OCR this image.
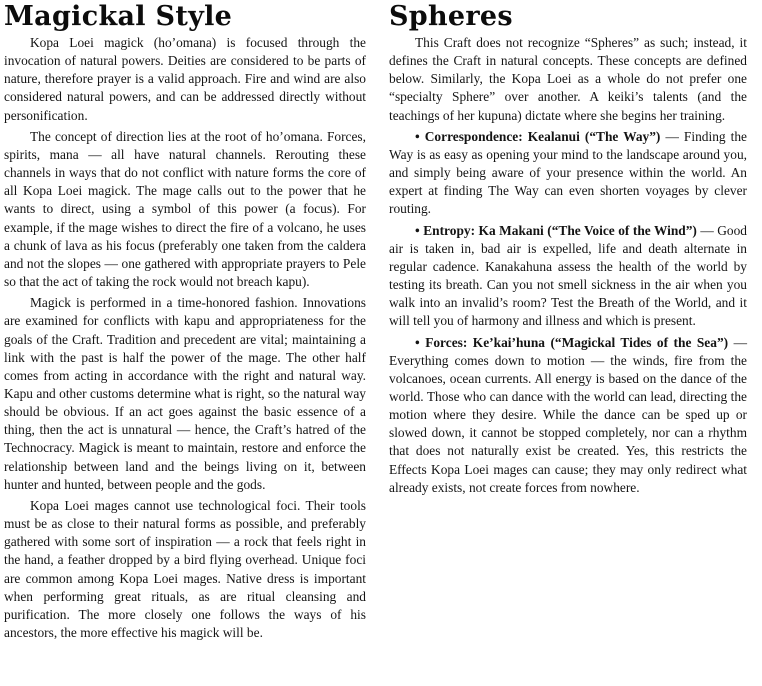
Magickal Style

Kopa Loei magick (ho’omana) is focused through the invocation of natural powers. Deities are considered to be parts of nature, therefore prayer is a valid approach. Fire and wind are also considered natural powers, and can be addressed directly without personification.

The concept of direction lies at the root of ho’omana. Forces, spirits, mana — all have natural channels. Rerouting these channels in ways that do not conflict with nature forms the core of all Kopa Loei magick. The mage calls out to the power that he wants to direct, using a symbol of this power (a focus). For example, if the mage wishes to direct the fire of a volcano, he uses a chunk of lava as his focus (preferably one taken from the caldera and not the slopes — one gathered with appropriate prayers to Pele so that the act of taking the rock would not breach kapu).

Magick is performed in a time-honored fashion. Innovations are examined for conflicts with kapu and appropriateness for the goals of the Craft. Tradition and precedent are vital; maintaining a link with the past is half the power of the mage. The other half comes from acting in accordance with the right and natural way. Kapu and other customs determine what is right, so the natural way should be obvious. If an act goes against the basic essence of a thing, then the act is unnatural — hence, the Craft’s hatred of the Technocracy. Magick is meant to maintain, restore and enforce the relationship between land and the beings living on it, between hunter and hunted, between people and the gods.

Kopa Loei mages cannot use technological foci. Their tools must be as close to their natural forms as possible, and preferably gathered with some sort of inspiration — a rock that feels right in the hand, a feather dropped by a bird flying overhead. Unique foci are common among Kopa Loei mages. Native dress is important when performing great rituals, as are ritual cleansing and purification. The more closely one follows the ways of his ancestors, the more effective his magick will be.

Spheres

This Craft does not recognize “Spheres” as such; instead, it defines the Craft in natural concepts. These concepts are defined below. Similarly, the Kopa Loei as a whole do not prefer one “specialty Sphere” over another. A keiki’s talents (and the teachings of her kupuna) dictate where she begins her training.

• Correspondence: Kealanui (“The Way”) — Finding the Way is as easy as opening your mind to the landscape around you, and simply being aware of your presence within the world. An expert at finding The Way can even shorten voyages by clever routing.

• Entropy: Ka Makani (“The Voice of the Wind”) — Good air is taken in, bad air is expelled, life and death alternate in regular cadence. Kanakahuna assess the health of the world by testing its breath. Can you not smell sickness in the air when you walk into an invalid’s room? Test the Breath of the World, and it will tell you of harmony and illness and which is present.

• Forces: Ke’kai’huna (“Magickal Tides of the Sea”) — Everything comes down to motion — the winds, fire from the volcanoes, ocean currents. All energy is based on the dance of the world. Those who can dance with the world can lead, directing the motion where they desire. While the dance can be sped up or slowed down, it cannot be stopped completely, nor can a rhythm that does not naturally exist be created. Yes, this restricts the Effects Kopa Loei mages can cause; they may only redirect what already exists, not create forces from nowhere.
